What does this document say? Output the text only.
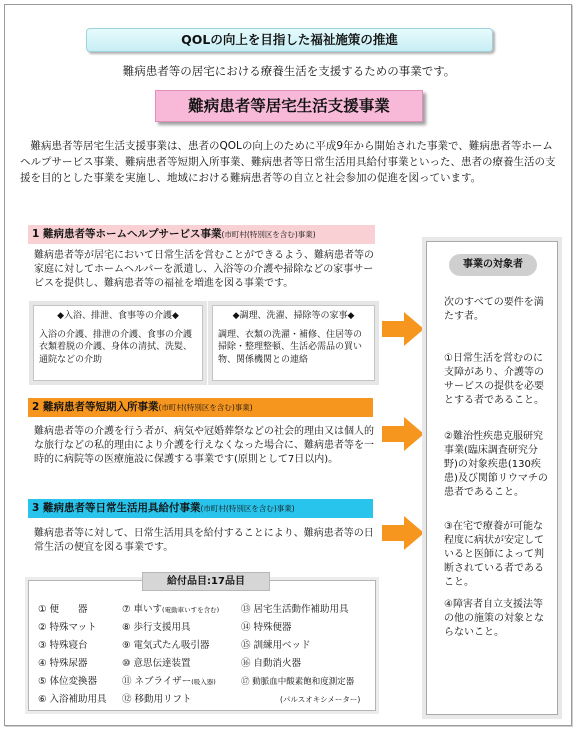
QOLの向上を目指した福祉施策の推進
難病患者等の居宅における療養生活を支援するための事業です。
難病患者等居宅生活支援事業
難病患者等居宅生活支援事業は、患者のQOLの向上のために平成9年から開始された事業で、難病患者等ホームヘルプサービス事業、難病患者等短期入所事業、難病患者等日常生活用具給付事業といった、患者の療養生活の支援を目的とした事業を実施し、地域における難病患者等の自立と社会参加の促進を図っています。
1 難病患者等ホームヘルプサービス事業(市町村(特別区を含む)事業)
難病患者等が居宅において日常生活を営むことができるよう、難病患者等の家庭に対してホームヘルパーを派遣し、入浴等の介護や掃除などの家事サービスを提供し、難病患者等の福祉を増進を図る事業です。
◆入浴、排泄、食事等の介護◆
入浴の介護、排泄の介護、食事の介護衣類着脱の介護、身体の清拭、洗髪、通院などの介助
◆調理、洗濯、掃除等の家事◆
調理、衣類の洗濯・補修、住居等の掃除・整理整頓、生活必需品の買い物、関係機関との連絡
2 難病患者等短期入所事業(市町村(特別区を含む)事業)
難病患者等の介護を行う者が、病気や冠婚葬祭などの社会的理由又は個人的な旅行などの私的理由により介護を行えなくなった場合に、難病患者等を一時的に病院等の医療施設に保護する事業です(原則として7日以内)。
3 難病患者等日常生活用具給付事業(市町村(特別区を含む)事業)
難病患者等に対して、日常生活用具を給付することにより、難病患者等の日常生活の便宜を図る事業です。
給付品目:17品目
① 便　　器
② 特殊マット
③ 特殊寝台
④ 特殊尿器
⑤ 体位変換器
⑥ 入浴補助用具
⑦ 車いす(電動車いすを含む)
⑧ 歩行支援用具
⑨ 電気式たん吸引器
⑩ 意思伝達装置
⑪ ネブライザー(吸入器)
⑫ 移動用リフト
⑬ 居宅生活動作補助用具
⑭ 特殊便器
⑮ 訓練用ベッド
⑯ 自動消火器
⑰ 動脈血中酸素飽和度測定器
(パルスオキシメーター)
事業の対象者
次のすべての要件を満たす者。
①日常生活を営むのに支障があり、介護等のサービスの提供を必要とする者であること。
②難治性疾患克服研究事業(臨床調査研究分野)の対象疾患(130疾患)及び関節リウマチの患者であること。
③在宅で療養が可能な程度に病状が安定していると医師によって判断されている者であること。
④障害者自立支援法等の他の施策の対象とならないこと。
